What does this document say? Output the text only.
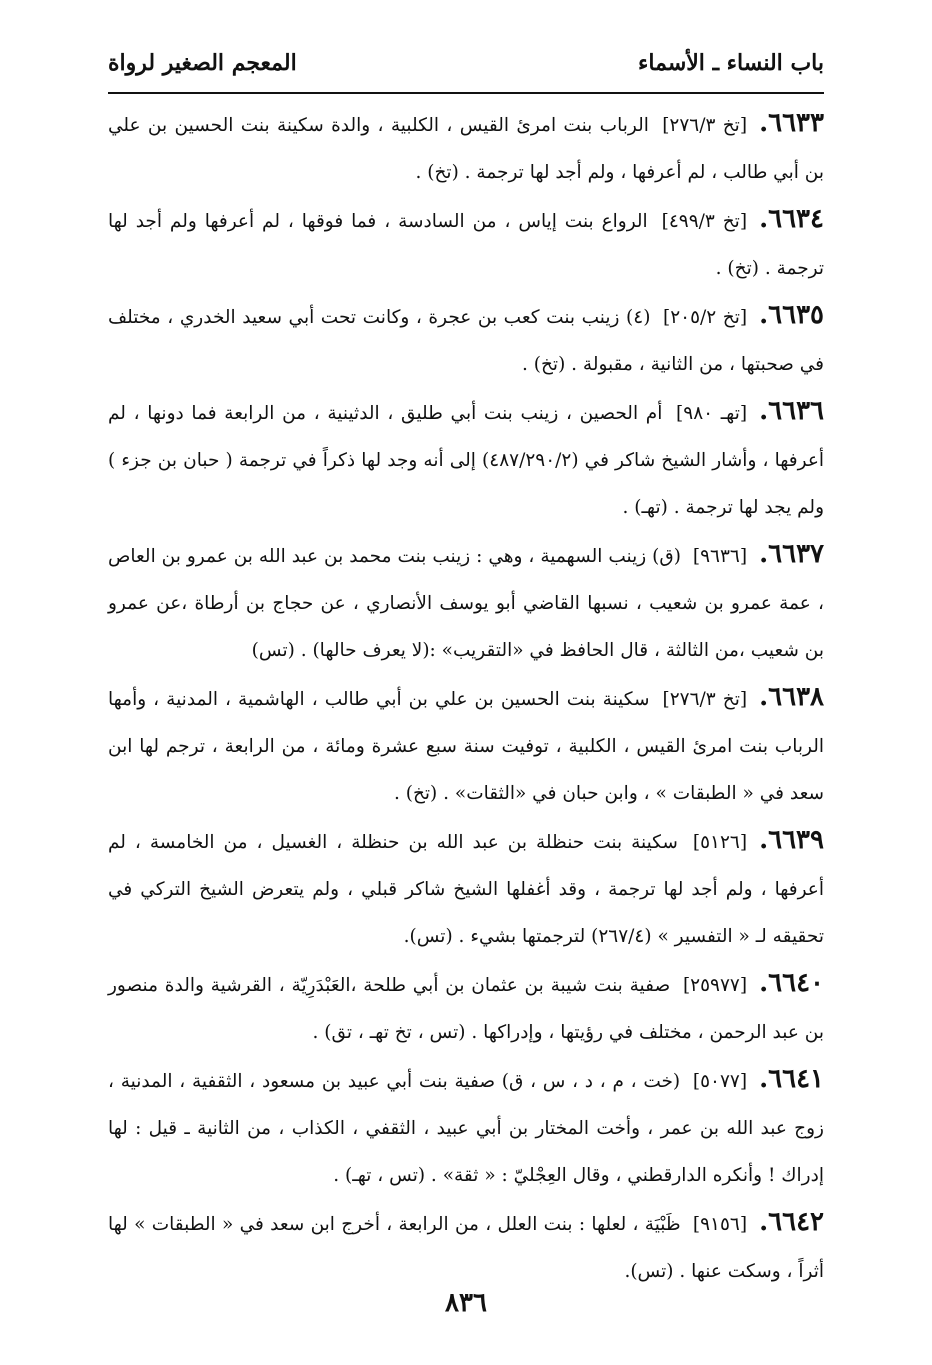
باب النساء ـ الأسماء
المعجم الصغير لرواة

٦٦٣٣.[تخ ٢٧٦/٣] الرباب بنت امرئ القيس ، الكلبية ، والدة سكينة بنت الحسين بن علي بن أبي طالب ، لم أعرفها ، ولم أجد لها ترجمة . (تخ) .

٦٦٣٤.[تخ ٤٩٩/٣] الرواع بنت إياس ، من السادسة ، فما فوقها ، لم أعرفها ولم أجد لها ترجمة . (تخ) .

٦٦٣٥.[تخ ٢٠٥/٢] (٤) زينب بنت كعب بن عجرة ، وكانت تحت أبي سعيد الخدري ، مختلف في صحبتها ، من الثانية ، مقبولة . (تخ) .

٦٦٣٦.[تهـ ٩٨٠] أم الحصين ، زينب بنت أبي طليق ، الدثينية ، من الرابعة فما دونها ، لم أعرفها ، وأشار الشيخ شاكر في (٤٨٧/٢٩٠/٢) إلى أنه وجد لها ذكراً في ترجمة ( حبان بن جزء ) ولم يجد لها ترجمة . (تهـ) .

٦٦٣٧.[٩٦٣٦] (ق) زينب السهمية ، وهي : زينب بنت محمد بن عبد الله بن عمرو بن العاص ، عمة عمرو بن شعيب ، نسبها القاضي أبو يوسف الأنصاري ، عن حجاج بن أرطاة ،عن عمرو بن شعيب ،من الثالثة ، قال الحافظ في «التقريب» :(لا يعرف حالها) . (تس)

٦٦٣٨.[تخ ٢٧٦/٣] سكينة بنت الحسين بن علي بن أبي طالب ، الهاشمية ، المدنية ، وأمها الرباب بنت امرئ القيس ، الكلبية ، توفيت سنة سبع عشرة ومائة ، من الرابعة ، ترجم لها ابن سعد في « الطبقات » ، وابن حبان في «الثقات» . (تخ) .

٦٦٣٩.[٥١٢٦] سكينة بنت حنظلة بن عبد الله بن حنظلة ، الغسيل ، من الخامسة ، لم أعرفها ، ولم أجد لها ترجمة ، وقد أغفلها الشيخ شاكر قبلي ، ولم يتعرض الشيخ التركي في تحقيقه لـ « التفسير » (٢٦٧/٤) لترجمتها بشيء . (تس).

٦٦٤٠.[٢٥٩٧٧] صفية بنت شيبة بن عثمان بن أبي طلحة ،العَبْدَرِيّة ، القرشية والدة منصور بن عبد الرحمن ، مختلف في رؤيتها ، وإدراكها . (تس ، تخ تهـ ، تق) .

٦٦٤١.[٥٠٧٧] (خت ، م ، د ، س ، ق) صفية بنت أبي عبيد بن مسعود ، الثقفية ، المدنية ، زوج عبد الله بن عمر ، وأخت المختار بن أبي عبيد ، الثقفي ، الكذاب ، من الثانية ـ قيل : لها إدراك ! وأنكره الدارقطني ، وقال العِجْليّ : « ثقة» . (تس ، تهـ) .

٦٦٤٢.[٩١٥٦] ظَبْيَة ، لعلها : بنت العلل ، من الرابعة ، أخرج ابن سعد في « الطبقات » لها أثراً ، وسكت عنها . (تس).

٨٣٦
